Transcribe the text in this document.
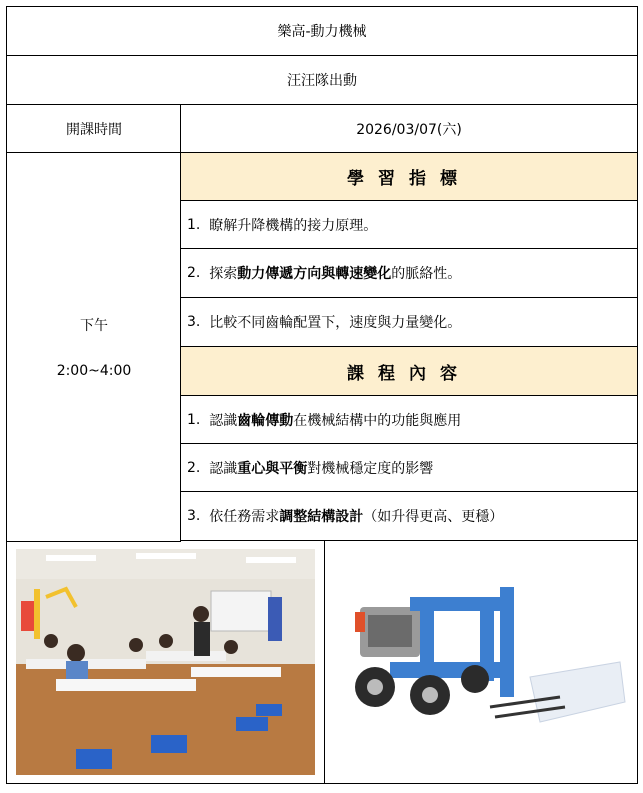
樂高-動力機械
汪汪隊出動
開課時間	2026/03/07(六)
下午
2:00~4:00
學習指標
1.
瞭解升降機構的接力原理。
2.
探索 動力傳遞方向與轉速變化 的脈絡性。
3.
比較不同齒輪配置下，速度與力量變化。
課程內容
1.
認識 齒輪傳動 在機械結構中的功能與應用
2.
認識 重心與平衡 對機械穩定度的影響
3.
依任務需求 調整結構設計 （如升得更高、更穩）
